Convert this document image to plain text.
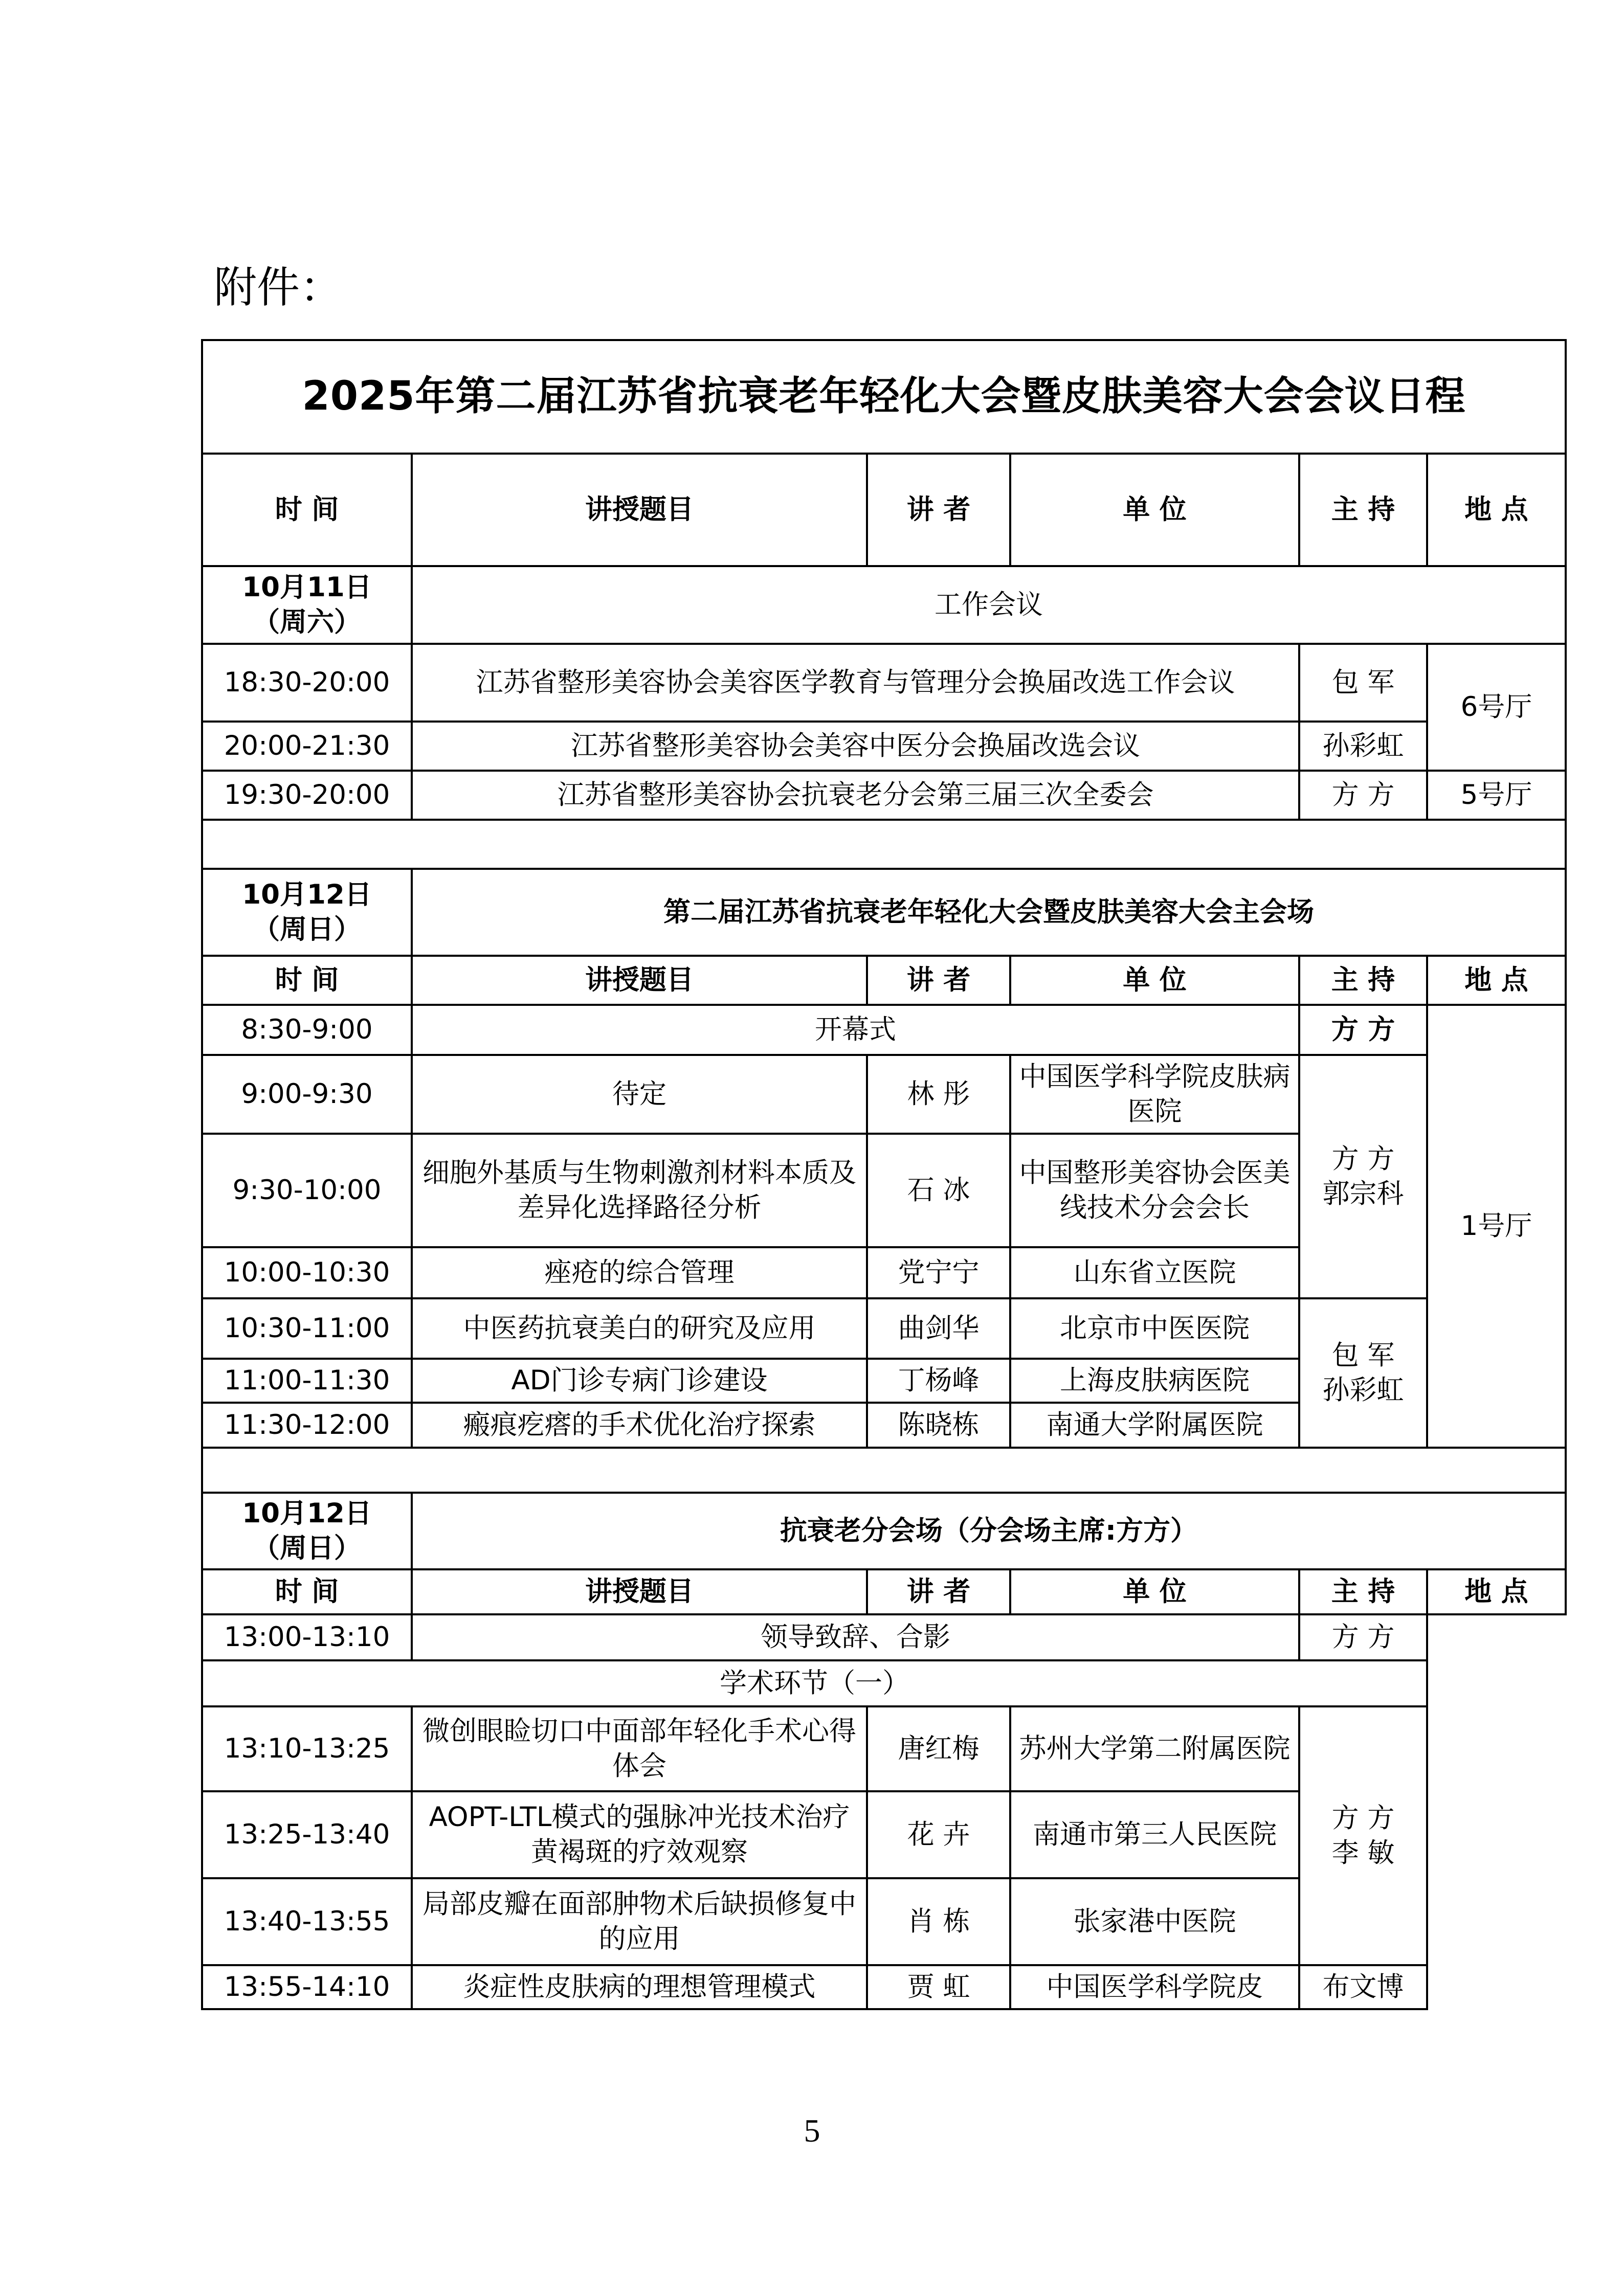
附件：
2025年第二届江苏省抗衰老年轻化大会暨皮肤美容大会会议日程					
时 间	讲授题目	讲 者	单 位	主 持	地 点
10月11日
（周六）	工作会议				
18:30-20:00	江苏省整形美容协会美容医学教育与管理分会换届改选工作会议			包 军	6号厅
20:00-21:30	江苏省整形美容协会美容中医分会换届改选会议			孙彩虹	
19:30-20:00	江苏省整形美容协会抗衰老分会第三届三次全委会			方 方	5号厅

10月12日
（周日）	第二届江苏省抗衰老年轻化大会暨皮肤美容大会主会场				
时 间	讲授题目	讲 者	单 位	主 持	地 点
8:30-9:00	开幕式			方 方	1号厅
9:00-9:30	待定	林 彤	中国医学科学院皮肤病医院	方 方
郭宗科	
9:30-10:00	细胞外基质与生物刺激剂材料本质及差异化选择路径分析	石 冰	中国整形美容协会医美线技术分会会长		
10:00-10:30	痤疮的综合管理	党宁宁	山东省立医院		
10:30-11:00	中医药抗衰美白的研究及应用	曲剑华	北京市中医医院	包 军
孙彩虹	
11:00-11:30	AD门诊专病门诊建设	丁杨峰	上海皮肤病医院		
11:30-12:00	瘢痕疙瘩的手术优化治疗探索	陈晓栋	南通大学附属医院		

10月12日
（周日）	抗衰老分会场（分会场主席:方方）				
时 间	讲授题目	讲 者	单 位	主 持	地 点
13:00-13:10	领导致辞、合影			方 方	
学术环节（一）					
13:10-13:25	微创眼睑切口中面部年轻化手术心得体会	唐红梅	苏州大学第二附属医院	方 方
李 敏	
13:25-13:40	AOPT-LTL模式的强脉冲光技术治疗黄褐斑的疗效观察	花 卉	南通市第三人民医院		
13:40-13:55	局部皮瓣在面部肿物术后缺损修复中的应用	肖 栋	张家港中医院		
13:55-14:10	炎症性皮肤病的理想管理模式	贾 虹	中国医学科学院皮	布文博	
5
